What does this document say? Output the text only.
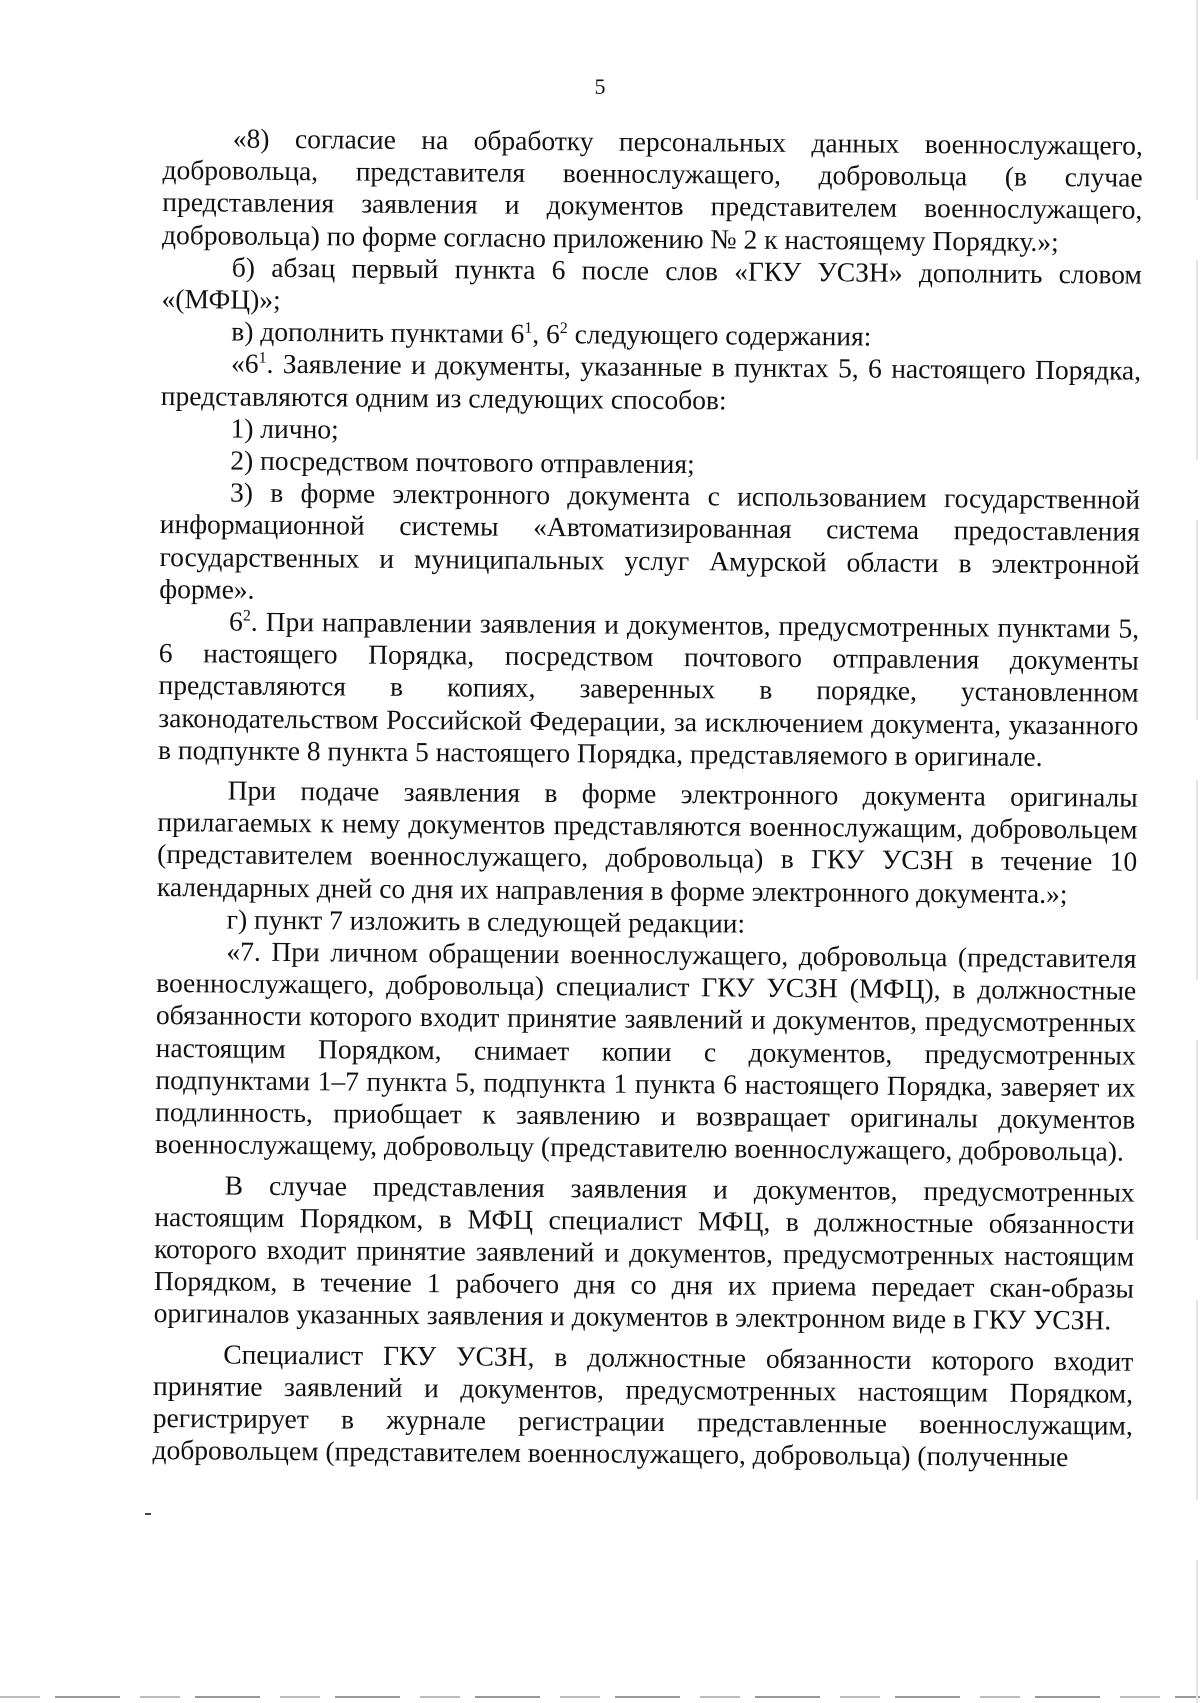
5

«8) согласие на обработку персональных данных военнослужащего, добровольца, представителя военнослужащего, добровольца (в случае представления заявления и документов представителем военнослужащего, добровольца) по форме согласно приложению № 2 к настоящему Порядку.»;

б) абзац первый пункта 6 после слов «ГКУ УСЗН» дополнить словом «(МФЦ)»;

в) дополнить пунктами $6^1$, $6^2$ следующего содержания:

«$6^1$. Заявление и документы, указанные в пунктах 5, 6 настоящего Порядка, представляются одним из следующих способов:

1) лично;

2) посредством почтового отправления;

3) в форме электронного документа с использованием государственной информационной системы «Автоматизированная система предоставления государственных и муниципальных услуг Амурской области в электронной форме».

$6^2$. При направлении заявления и документов, предусмотренных пунктами 5, 6 настоящего Порядка, посредством почтового отправления документы представляются в копиях, заверенных в порядке, установленном законодательством Российской Федерации, за исключением документа, указанного в подпункте 8 пункта 5 настоящего Порядка, представляемого в оригинале.

При подаче заявления в форме электронного документа оригиналы прилагаемых к нему документов представляются военнослужащим, добровольцем (представителем военнослужащего, добровольца) в ГКУ УСЗН в течение 10 календарных дней со дня их направления в форме электронного документа.»;

г) пункт 7 изложить в следующей редакции:

«7. При личном обращении военнослужащего, добровольца (представителя военнослужащего, добровольца) специалист ГКУ УСЗН (МФЦ), в должностные обязанности которого входит принятие заявлений и документов, предусмотренных настоящим Порядком, снимает копии с документов, предусмотренных подпунктами 1–7 пункта 5, подпункта 1 пункта 6 настоящего Порядка, заверяет их подлинность, приобщает к заявлению и возвращает оригиналы документов военнослужащему, добровольцу (представителю военнослужащего, добровольца).

В случае представления заявления и документов, предусмотренных настоящим Порядком, в МФЦ специалист МФЦ, в должностные обязанности которого входит принятие заявлений и документов, предусмотренных настоящим Порядком, в течение 1 рабочего дня со дня их приема передает скан-образы оригиналов указанных заявления и документов в электронном виде в ГКУ УСЗН.

Специалист ГКУ УСЗН, в должностные обязанности которого входит принятие заявлений и документов, предусмотренных настоящим Порядком, регистрирует в журнале регистрации представленные военнослужащим, добровольцем (представителем военнослужащего, добровольца) (полученные
